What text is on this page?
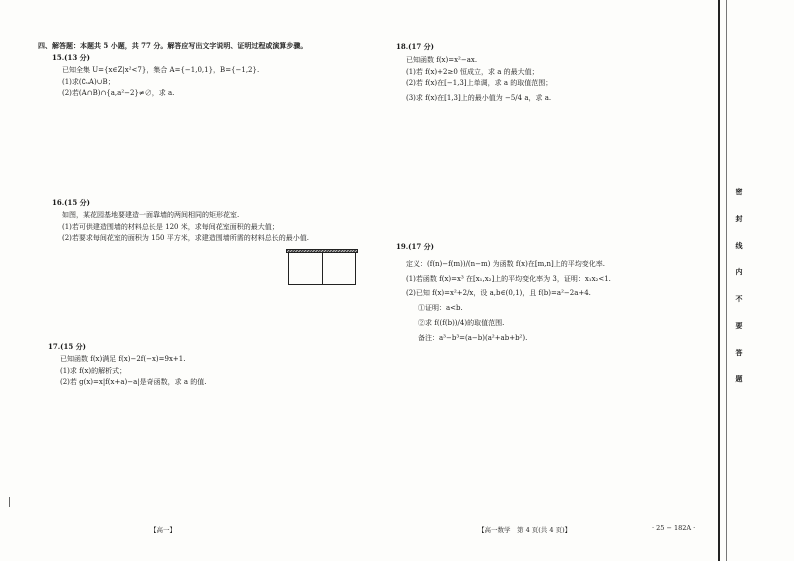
四、解答题：本题共 5 小题，共 77 分。解答应写出文字说明、证明过程或演算步骤。
15.(13 分)
已知全集 U={x∈Z|x²<7}，集合 A={−1,0,1}，B={−1,2}.
(1)求(∁ᵤA)∪B；
(2)若(A∩B)∩{a,a²−2}≠∅，求 a.
16.(15 分)
如图，某花园基地要建造一面靠墙的两间相同的矩形花室.
(1)若可供建造围墙的材料总长是 120 米，求每间花室面积的最大值；
(2)若要求每间花室的面积为 150 平方米，求建造围墙所需的材料总长的最小值.
17.(15 分)
已知函数 f(x)满足 f(x)−2f(−x)=9x+1.
(1)求 f(x)的解析式；
(2)若 g(x)=x|f(x+a)−a|是奇函数，求 a 的值.
18.(17 分)
已知函数 f(x)=x²−ax.
(1)若 f(x)+2≥0 恒成立，求 a 的最大值；
(2)若 f(x)在[−1,3]上单调，求 a 的取值范围；
(3)求 f(x)在[1,3]上的最小值为 −5/4 a，求 a.
19.(17 分)
定义：(f(n)−f(m))/(n−m) 为函数 f(x)在[m,n]上的平均变化率.
(1)若函数 f(x)=x³ 在[x₁,x₂]上的平均变化率为 3，证明：x₁x₂<1.
(2)已知 f(x)=x²+2/x，设 a,b∈(0,1)，且 f(b)=a²−2a+4.
①证明：a<b.
②求 f((f(b))/4)的取值范围.
备注：a³−b³=(a−b)(a²+ab+b²).
【高一】	【高一数学　第 4 页(共 4 页)】	· 25 − 182A ·
密
封
线
内
不
要
答
题
